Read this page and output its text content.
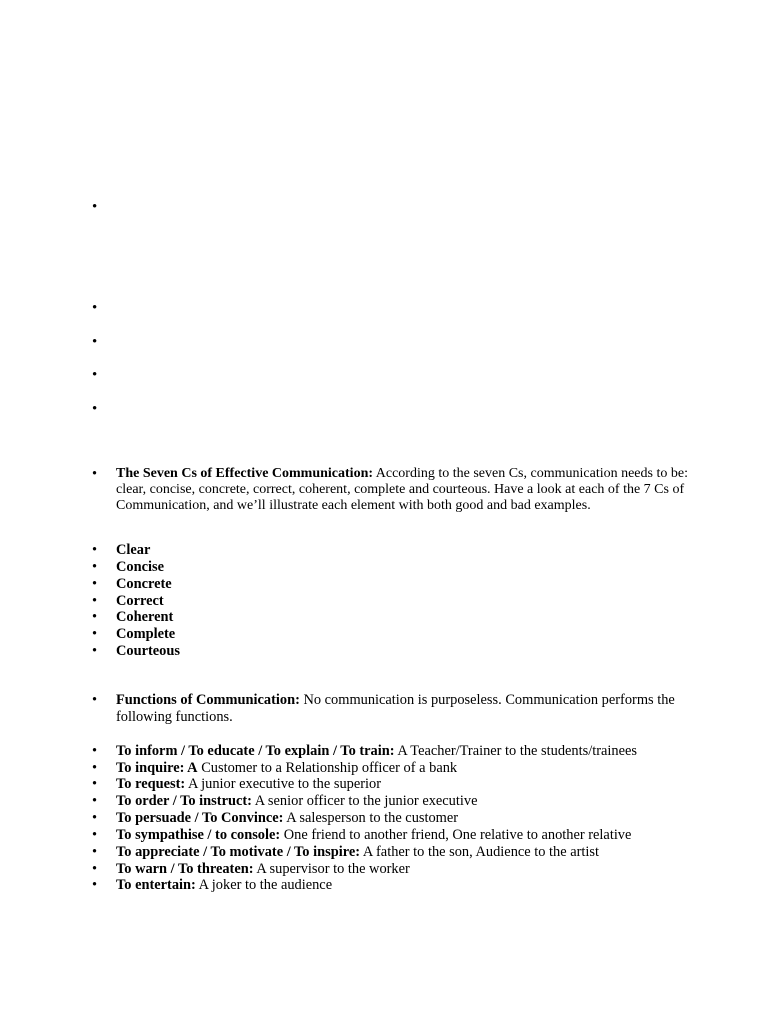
•
•
•
•
•
• The Seven Cs of Effective Communication: According to the seven Cs, communication needs to be: clear, concise, concrete, correct, coherent, complete and courteous. Have a look at each of the 7 Cs of Communication, and we’ll illustrate each element with both good and bad examples.
• Clear
• Concise
• Concrete
• Correct
• Coherent
• Complete
• Courteous
• Functions of Communication: No communication is purposeless. Communication performs the following functions.
• To inform / To educate / To explain / To train: A Teacher/Trainer to the students/trainees
• To inquire: A Customer to a Relationship officer of a bank
• To request: A junior executive to the superior
• To order / To instruct: A senior officer to the junior executive
• To persuade / To Convince: A salesperson to the customer
• To sympathise / to console: One friend to another friend, One relative to another relative
• To appreciate / To motivate / To inspire: A father to the son, Audience to the artist
• To warn / To threaten: A supervisor to the worker
• To entertain: A joker to the audience
